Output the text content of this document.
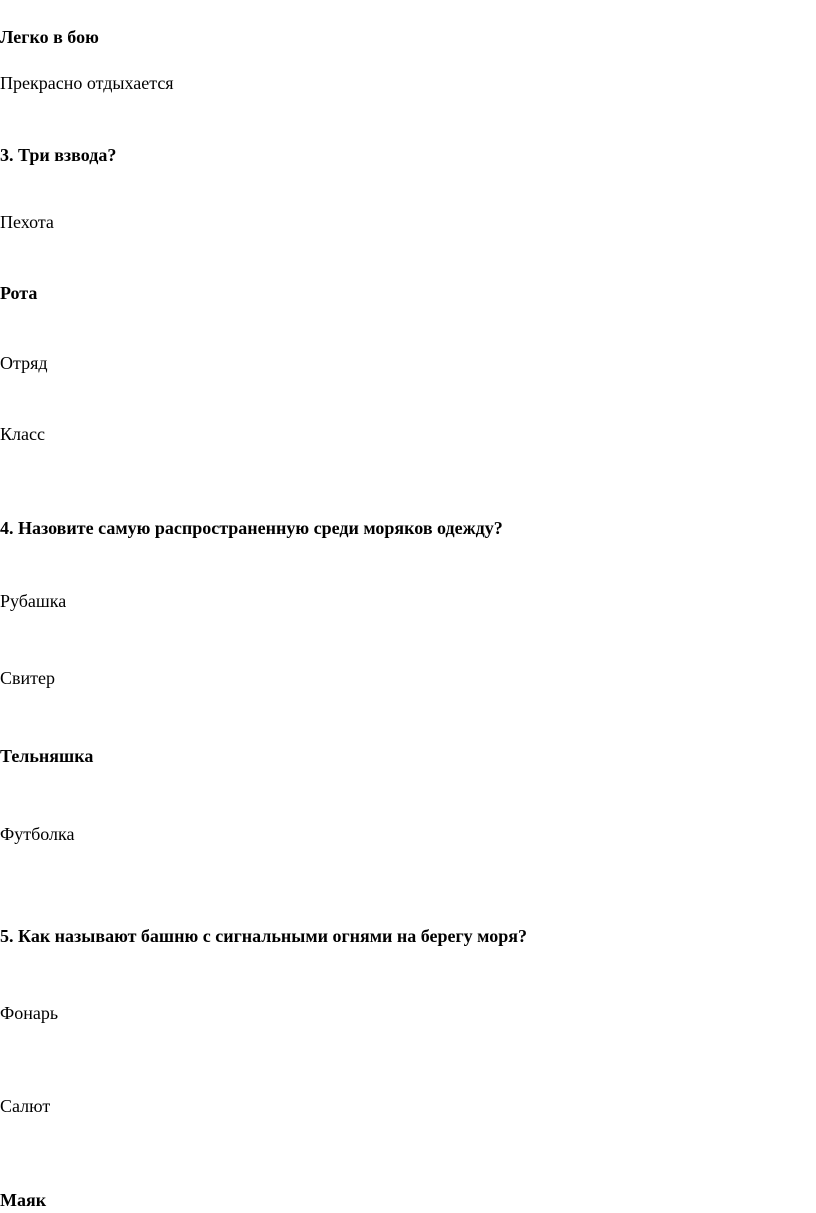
Легко в бою
Прекрасно отдыхается
3. Три взвода?
Пехота
Рота
Отряд
Класс
4. Назовите самую распространенную среди моряков одежду?
Рубашка
Свитер
Тельняшка
Футболка
5. Как называют башню с сигнальными огнями на берегу моря?
Фонарь
Салют
Маяк
